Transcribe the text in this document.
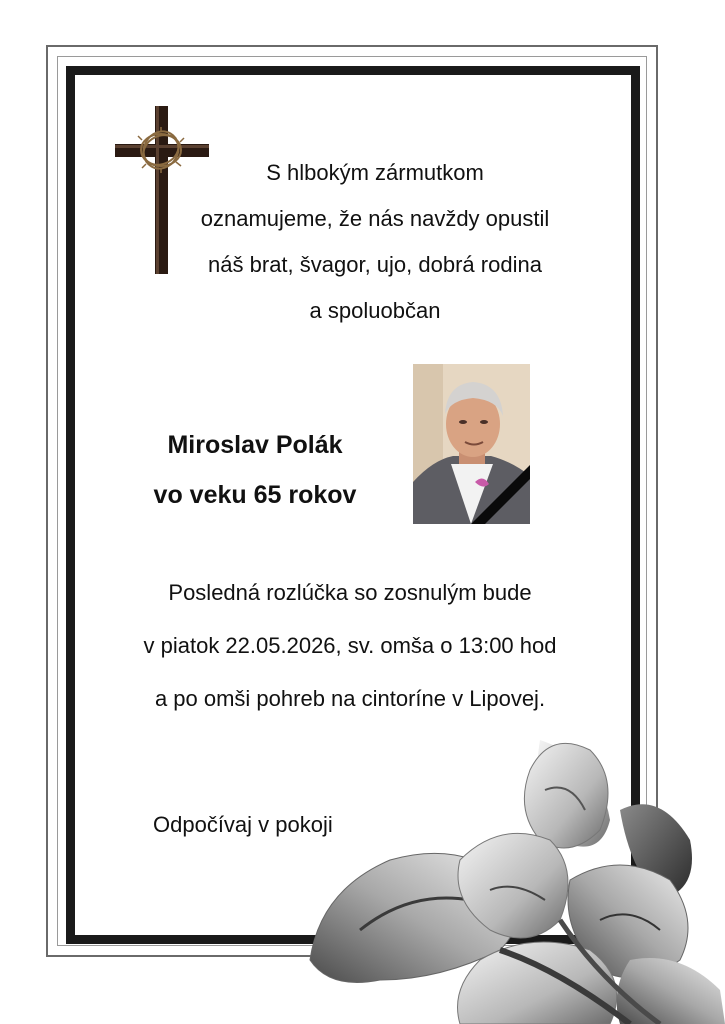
S hlbokým zármutkom
oznamujeme, že nás navždy opustil
náš brat, švagor, ujo, dobrá rodina
a spoluobčan
Miroslav Polák
vo veku 65 rokov
Posledná rozlúčka so zosnulým bude
v piatok 22.05.2026, sv. omša o 13:00 hod
a po omši pohreb na cintoríne v Lipovej.
Odpočívaj v pokoji
